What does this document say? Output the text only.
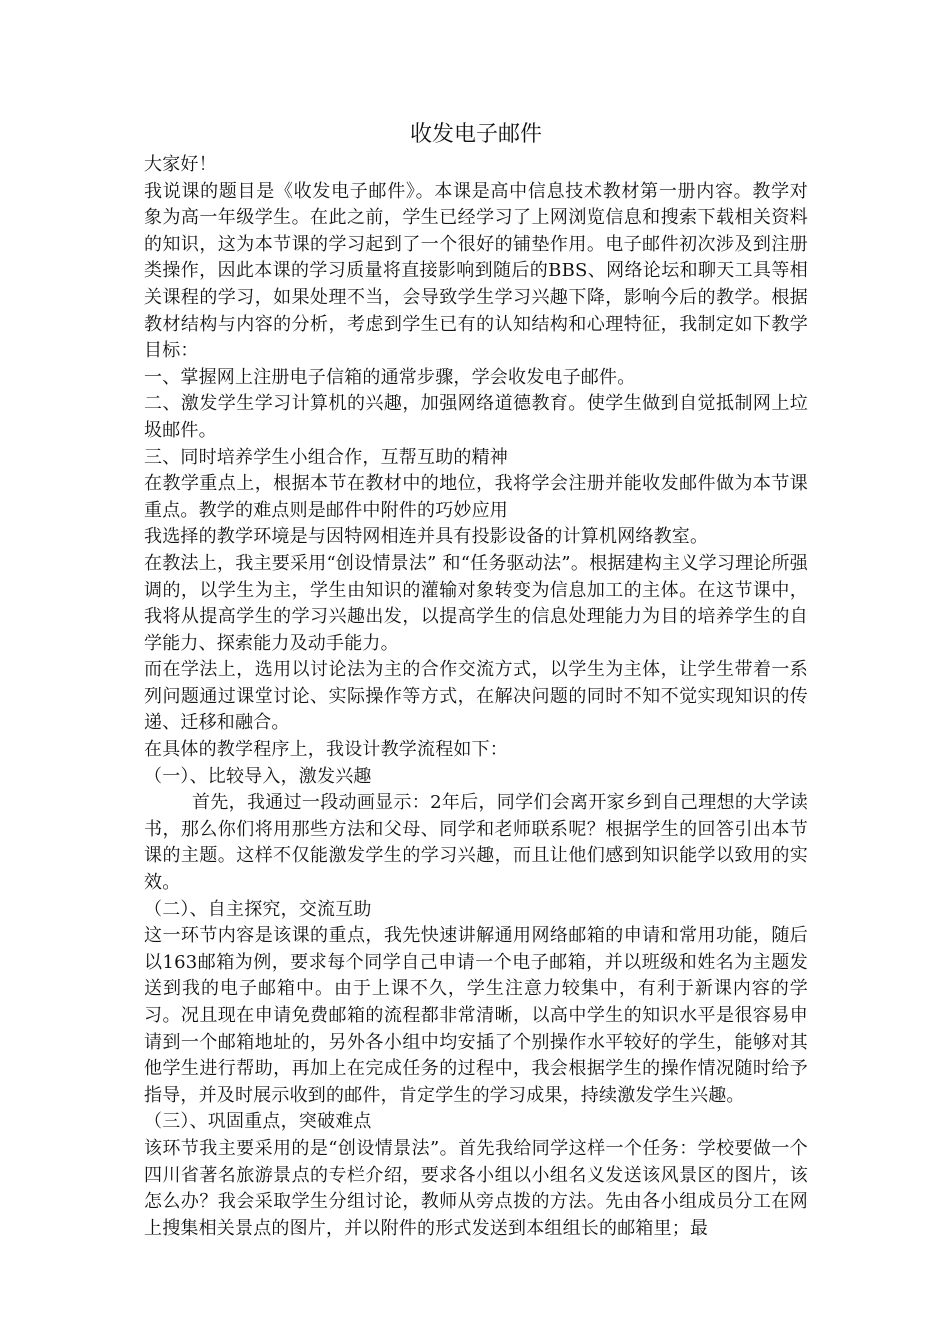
收发电子邮件

大家好！

我说课的题目是《收发电子邮件》。本课是高中信息技术教材第一册内容。教学对象为高一年级学生。在此之前，学生已经学习了上网浏览信息和搜索下载相关资料的知识，这为本节课的学习起到了一个很好的铺垫作用。电子邮件初次涉及到注册类操作，因此本课的学习质量将直接影响到随后的BBS、网络论坛和聊天工具等相关课程的学习，如果处理不当，会导致学生学习兴趣下降，影响今后的教学。根据教材结构与内容的分析，考虑到学生已有的认知结构和心理特征，我制定如下教学目标：

一、掌握网上注册电子信箱的通常步骤，学会收发电子邮件。

二、激发学生学习计算机的兴趣，加强网络道德教育。使学生做到自觉抵制网上垃圾邮件。

三、同时培养学生小组合作，互帮互助的精神

在教学重点上，根据本节在教材中的地位，我将学会注册并能收发邮件做为本节课重点。教学的难点则是邮件中附件的巧妙应用

我选择的教学环境是与因特网相连并具有投影设备的计算机网络教室。

在教法上，我主要采用“创设情景法” 和“任务驱动法”。根据建构主义学习理论所强调的，以学生为主，学生由知识的灌输对象转变为信息加工的主体。在这节课中，我将从提高学生的学习兴趣出发，以提高学生的信息处理能力为目的培养学生的自学能力、探索能力及动手能力。

而在学法上，选用以讨论法为主的合作交流方式，以学生为主体，让学生带着一系列问题通过课堂讨论、实际操作等方式，在解决问题的同时不知不觉实现知识的传递、迁移和融合。

在具体的教学程序上，我设计教学流程如下：

（一）、比较导入，激发兴趣

首先，我通过一段动画显示：2年后，同学们会离开家乡到自己理想的大学读书，那么你们将用那些方法和父母、同学和老师联系呢？根据学生的回答引出本节课的主题。这样不仅能激发学生的学习兴趣，而且让他们感到知识能学以致用的实效。

（二）、自主探究，交流互助

这一环节内容是该课的重点，我先快速讲解通用网络邮箱的申请和常用功能，随后以163邮箱为例，要求每个同学自己申请一个电子邮箱，并以班级和姓名为主题发送到我的电子邮箱中。由于上课不久，学生注意力较集中，有利于新课内容的学习。况且现在申请免费邮箱的流程都非常清晰，以高中学生的知识水平是很容易申请到一个邮箱地址的，另外各小组中均安插了个别操作水平较好的学生，能够对其他学生进行帮助，再加上在完成任务的过程中，我会根据学生的操作情况随时给予指导，并及时展示收到的邮件，肯定学生的学习成果，持续激发学生兴趣。

（三）、巩固重点，突破难点

该环节我主要采用的是“创设情景法”。首先我给同学这样一个任务：学校要做一个四川省著名旅游景点的专栏介绍，要求各小组以小组名义发送该风景区的图片，该怎么办？我会采取学生分组讨论，教师从旁点拨的方法。先由各小组成员分工在网上搜集相关景点的图片，并以附件的形式发送到本组组长的邮箱里；最
